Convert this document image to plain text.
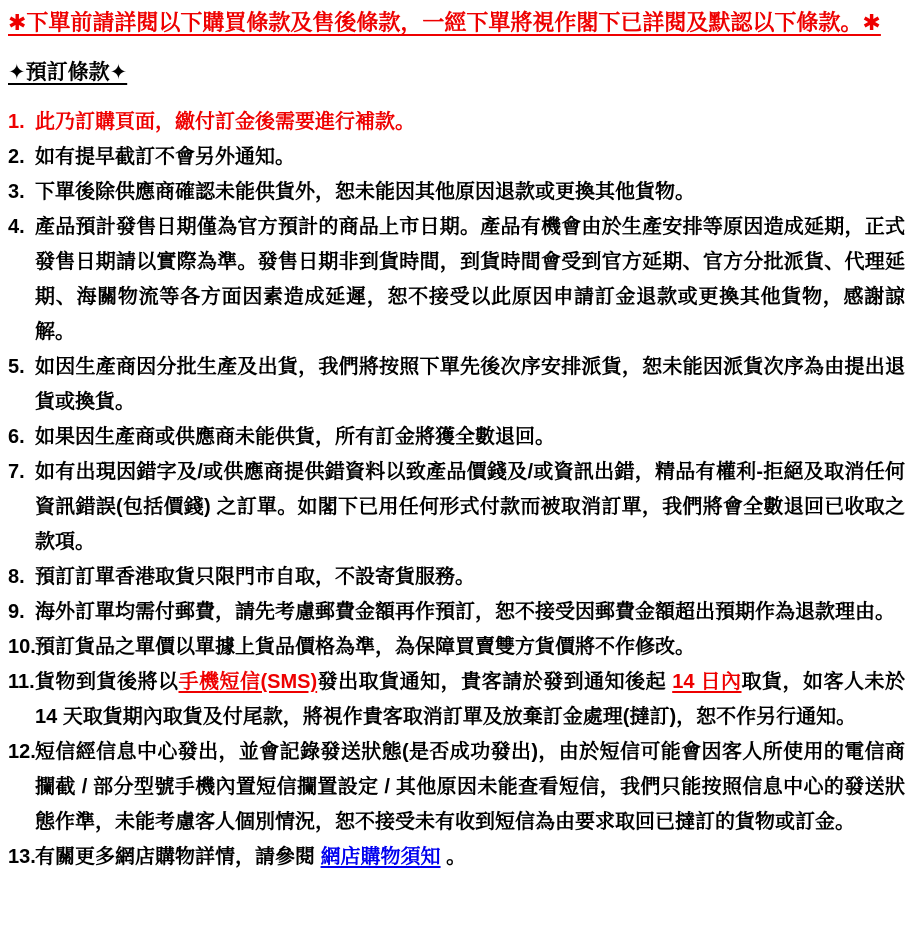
✱下單前請詳閱以下購買條款及售後條款，一經下單將視作閣下已詳閱及默認以下條款。✱

✦預訂條款✦
1. 此乃訂購頁面，繳付訂金後需要進行補款。
2. 如有提早截訂不會另外通知。
3. 下單後除供應商確認未能供貨外，恕未能因其他原因退款或更換其他貨物。
4. 產品預計發售日期僅為官方預計的商品上市日期。產品有機會由於生產安排等原因造成延期，正式發售日期請以實際為準。發售日期非到貨時間，到貨時間會受到官方延期、官方分批派貨、代理延期、海關物流等各方面因素造成延遲，恕不接受以此原因申請訂金退款或更換其他貨物，感謝諒解。
5. 如因生產商因分批生產及出貨，我們將按照下單先後次序安排派貨，恕未能因派貨次序為由提出退貨或換貨。
6. 如果因生產商或供應商未能供貨，所有訂金將獲全數退回。
7. 如有出現因錯字及/或供應商提供錯資料以致產品價錢及/或資訊出錯，精品有權利-拒絕及取消任何資訊錯誤(包括價錢) 之訂單。如閣下已用任何形式付款而被取消訂單，我們將會全數退回已收取之款項。
8. 預訂訂單香港取貨只限門市自取，不設寄貨服務。
9. 海外訂單均需付郵費，請先考慮郵費金額再作預訂，恕不接受因郵費金額超出預期作為退款理由。
10. 預訂貨品之單價以單據上貨品價格為準，為保障買賣雙方貨價將不作修改。
11. 貨物到貨後將以手機短信(SMS)發出取貨通知，貴客請於發到通知後起 14 日內取貨，如客人未於 14 天取貨期內取貨及付尾款，將視作貴客取消訂單及放棄訂金處理(撻訂)，恕不作另行通知。
12. 短信經信息中心發出，並會記錄發送狀態(是否成功發出)，由於短信可能會因客人所使用的電信商攔截 / 部分型號手機內置短信攔置設定 / 其他原因未能查看短信，我們只能按照信息中心的發送狀態作準，未能考慮客人個別情況，恕不接受未有收到短信為由要求取回已撻訂的貨物或訂金。
13. 有關更多網店購物詳情，請參閱 網店購物須知 。
